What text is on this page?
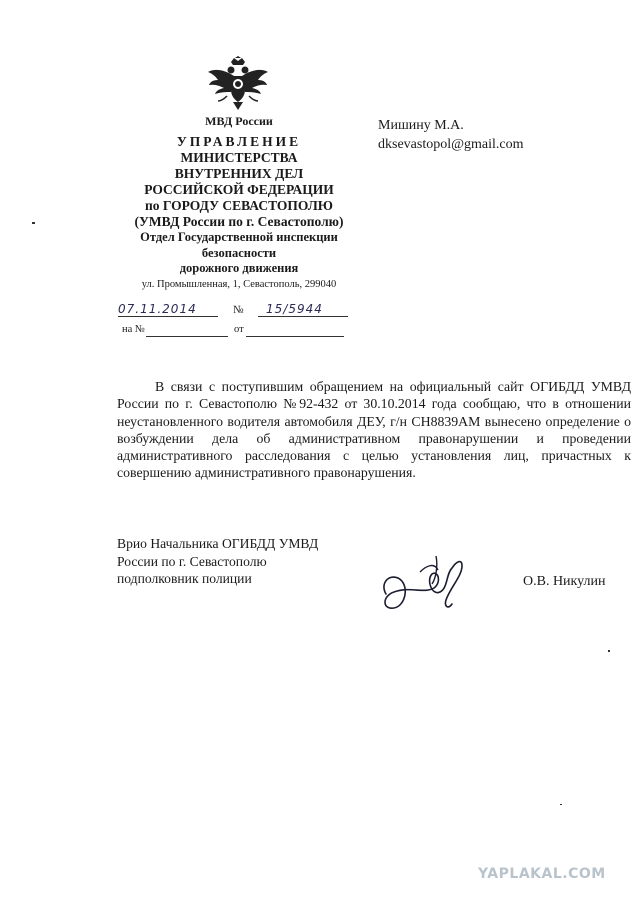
МВД России
УПРАВЛЕНИЕ
МИНИСТЕРСТВА
ВНУТРЕННИХ ДЕЛ
РОССИЙСКОЙ ФЕДЕРАЦИИ
по ГОРОДУ СЕВАСТОПОЛЮ
(УМВД России по г. Севастополю)
Отдел Государственной инспекции
безопасности
дорожного движения
ул. Промышленная, 1, Севастополь, 299040
07.11.2014	№	15/5944
на №	от
Мишину М.А.
dksevastopol@gmail.com
В связи с поступившим обращением на официальный сайт ОГИБДД УМВД России по г. Севастополю №92-432 от 30.10.2014 года сообщаю, что в отношении неустановленного водителя автомобиля ДЕУ, г/н СН8839АМ вынесено определение о возбуждении дела об административном правонарушении и проведении административного расследования с целью установления лиц, причастных к совершению административного правонарушения.
Врио Начальника ОГИБДД УМВД
России по г. Севастополю
подполковник полиции	О.В. Никулин
YAPLAKAL.COM
